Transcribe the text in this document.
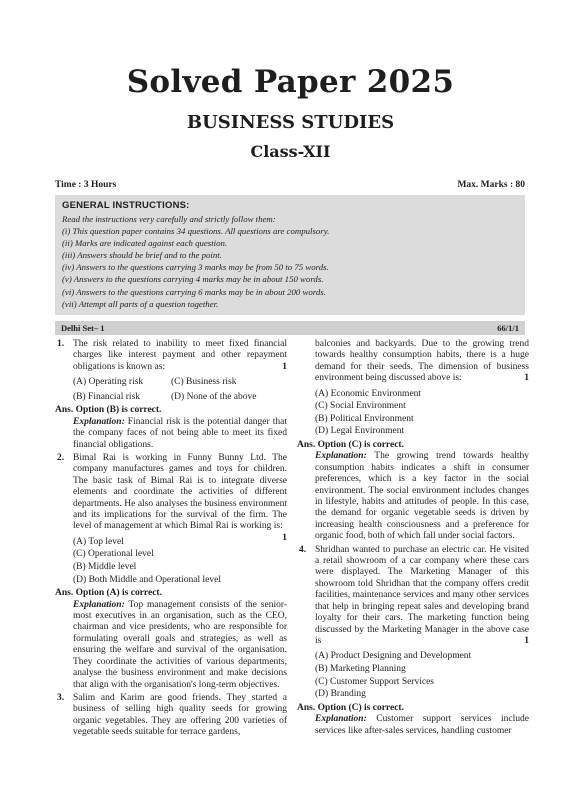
Solved Paper 2025
BUSINESS STUDIES
Class-XII
Time : 3 Hours	Max. Marks : 80
GENERAL INSTRUCTIONS:
Read the instructions very carefully and strictly follow them:
(i) This question paper contains 34 questions. All questions are compulsory.
(ii) Marks are indicated against each question.
(iii) Answers should be brief and to the point.
(iv) Answers to the questions carrying 3 marks may be from 50 to 75 words.
(v) Answers to the questions carrying 4 marks may be in about 150 words.
(vi) Answers to the questions carrying 6 marks may be in about 200 words.
(vii) Attempt all parts of a question together.
Delhi Set– 1	66/1/1
1. The risk related to inability to meet fixed financial charges like interest payment and other repayment obligations is known as:	1
(A) Operating risk	(C) Business risk
(B) Financial risk	(D) None of the above
Ans. Option (B) is correct.
Explanation: Financial risk is the potential danger that the company faces of not being able to meet its fixed financial obligations.
2. Bimal Rai is working in Funny Bunny Ltd. The company manufactures games and toys for children. The basic task of Bimal Rai is to integrate diverse elements and coordinate the activities of different departments. He also analyses the business environment and its implications for the survival of the firm. The level of management at which Bimal Rai is working is:
1
(A) Top level
(C) Operational level
(B) Middle level
(D) Both Middle and Operational level
Ans. Option (A) is correct.
Explanation: Top management consists of the senior-most executives in an organisation, such as the CEO, chairman and vice presidents, who are responsible for formulating overall goals and strategies, as well as ensuring the welfare and survival of the organisation. They coordinate the activities of various departments, analyse the business environment and make decisions that align with the organisation's long-term objectives.
3. Salim and Karim are good friends. They started a business of selling high quality seeds for growing organic vegetables. They are offering 200 varieties of vegetable seeds suitable for terrace gardens,
balconies and backyards. Due to the growing trend towards healthy consumption habits, there is a huge demand for their seeds. The dimension of business environment being discussed above is:	1
(A) Economic Environment
(C) Social Environment
(B) Political Environment
(D) Legal Environment
Ans. Option (C) is correct.
Explanation: The growing trend towards healthy consumption habits indicates a shift in consumer preferences, which is a key factor in the social environment. The social environment includes changes in lifestyle, habits and attitudes of people. In this case, the demand for organic vegetable seeds is driven by increasing health consciousness and a preference for organic food, both of which fall under social factors.
4. Shridhan wanted to purchase an electric car. He visited a retail showroom of a car company where these cars were displayed. The Marketing Manager of this showroom told Shridhan that the company offers credit facilities, maintenance services and many other services that help in bringing repeat sales and developing brand loyalty for their cars. The marketing function being discussed by the Marketing Manager in the above case is	1
(A) Product Designing and Development
(B) Marketing Planning
(C) Customer Support Services
(D) Branding
Ans. Option (C) is correct.
Explanation: Customer support services include services like after-sales services, handling customer
